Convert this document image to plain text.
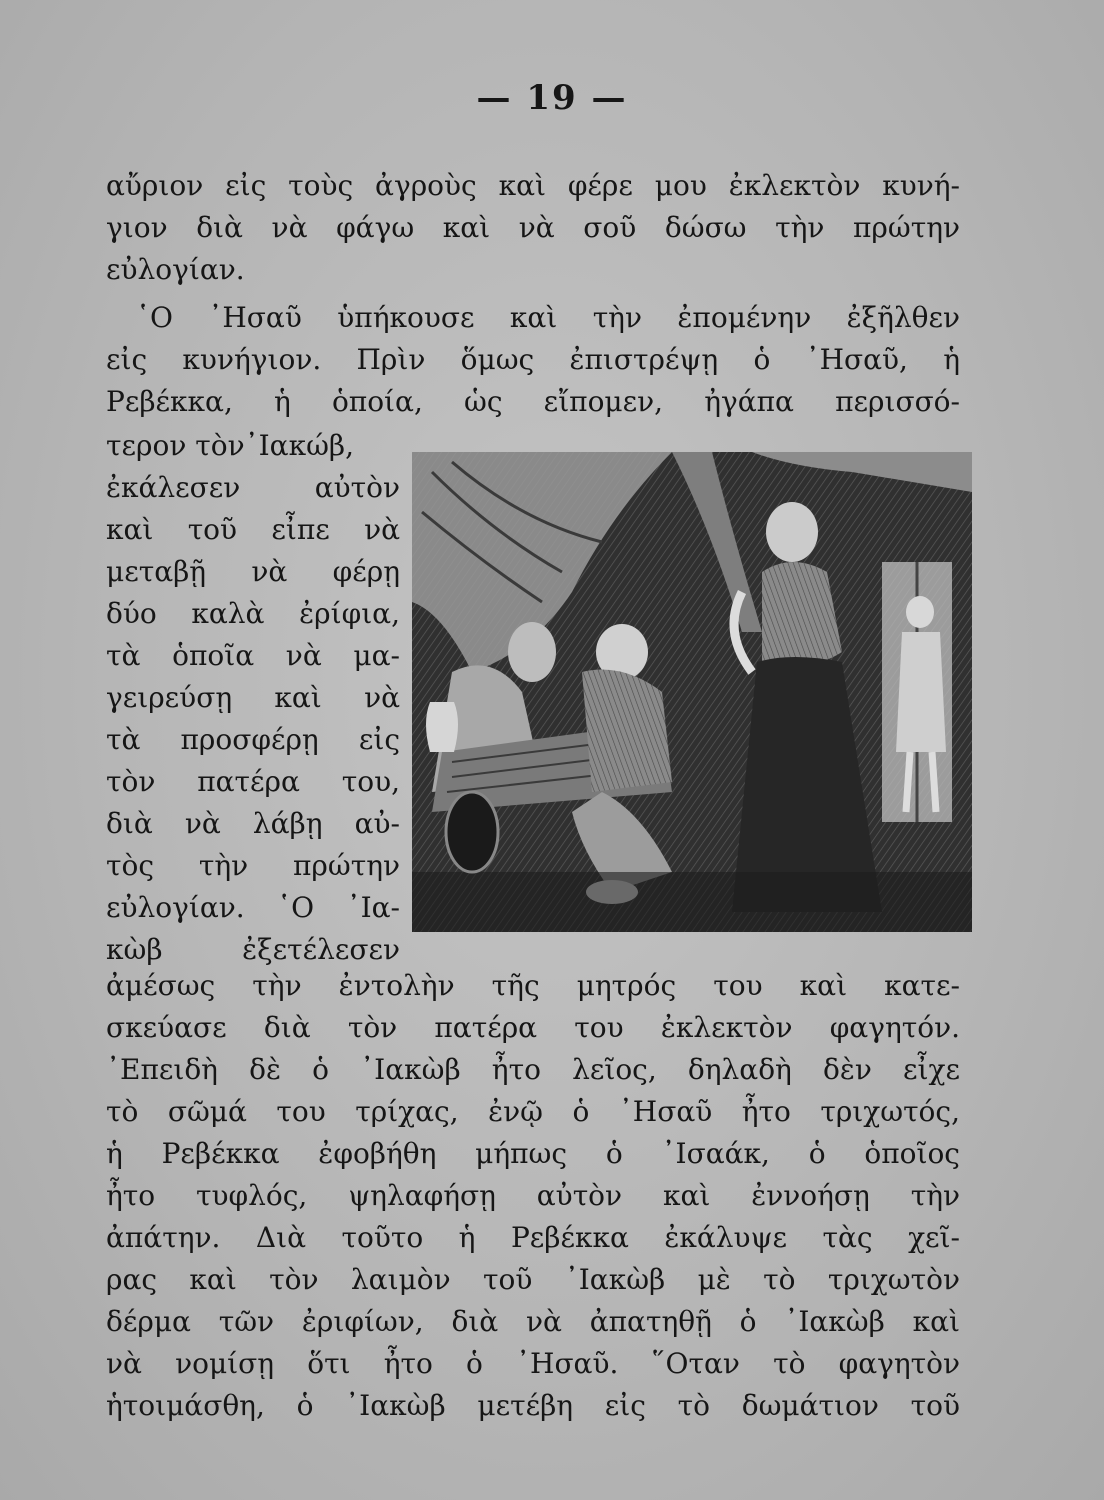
— 19 —
αὔριον εἰς τοὺς ἀγροὺς καὶ φέρε μου ἐκλεκτὸν κυνή-
γιον διὰ νὰ φάγω καὶ νὰ σοῦ δώσω τὴν πρώτην
εὐλογίαν.
῾Ο ᾽Ησαῦ ὑπήκουσε καὶ τὴν ἐπομένην ἐξῆλθεν
εἰς κυνήγιον. Πρὶν ὅμως ἐπιστρέψῃ ὁ ᾽Ησαῦ, ἡ
Ρεβέκκα, ἡ ὁποία, ὡς εἴπομεν, ἠγάπα περισσό-
τερον τὸν᾽Ιακώβ,
ἐκάλεσεν αὐτὸν
καὶ τοῦ εἶπε νὰ
μεταβῇ νὰ φέρῃ
δύο καλὰ ἐρίφια,
τὰ ὁποῖα νὰ μα-
γειρεύσῃ καὶ νὰ
τὰ προσφέρῃ εἰς
τὸν πατέρα του,
διὰ νὰ λάβῃ αὐ-
τὸς τὴν πρώτην
εὐλογίαν. ῾Ο ᾽Ια-
κὼβ ἐξετέλεσεν
ἀμέσως τὴν ἐντολὴν τῆς μητρός του καὶ κατε-
σκεύασε διὰ τὸν πατέρα του ἐκλεκτὸν φαγητόν.
᾽Επειδὴ δὲ ὁ ᾽Ιακὼβ ἦτο λεῖος, δηλαδὴ δὲν εἶχε
τὸ σῶμά του τρίχας, ἐνῷ ὁ ᾽Ησαῦ ἦτο τριχωτός,
ἡ Ρεβέκκα ἐφοβήθη μήπως ὁ ᾽Ισαάκ, ὁ ὁποῖος
ἦτο τυφλός, ψηλαφήσῃ αὐτὸν καὶ ἐννοήσῃ τὴν
ἀπάτην. Διὰ τοῦτο ἡ Ρεβέκκα ἐκάλυψε τὰς χεῖ-
ρας καὶ τὸν λαιμὸν τοῦ ᾽Ιακὼβ μὲ τὸ τριχωτὸν
δέρμα τῶν ἐριφίων, διὰ νὰ ἀπατηθῇ ὁ ᾽Ιακὼβ καὶ
νὰ νομίσῃ ὅτι ἦτο ὁ ᾽Ησαῦ. ῞Οταν τὸ φαγητὸν
ἡτοιμάσθη, ὁ ᾽Ιακὼβ μετέβη εἰς τὸ δωμάτιον τοῦ
